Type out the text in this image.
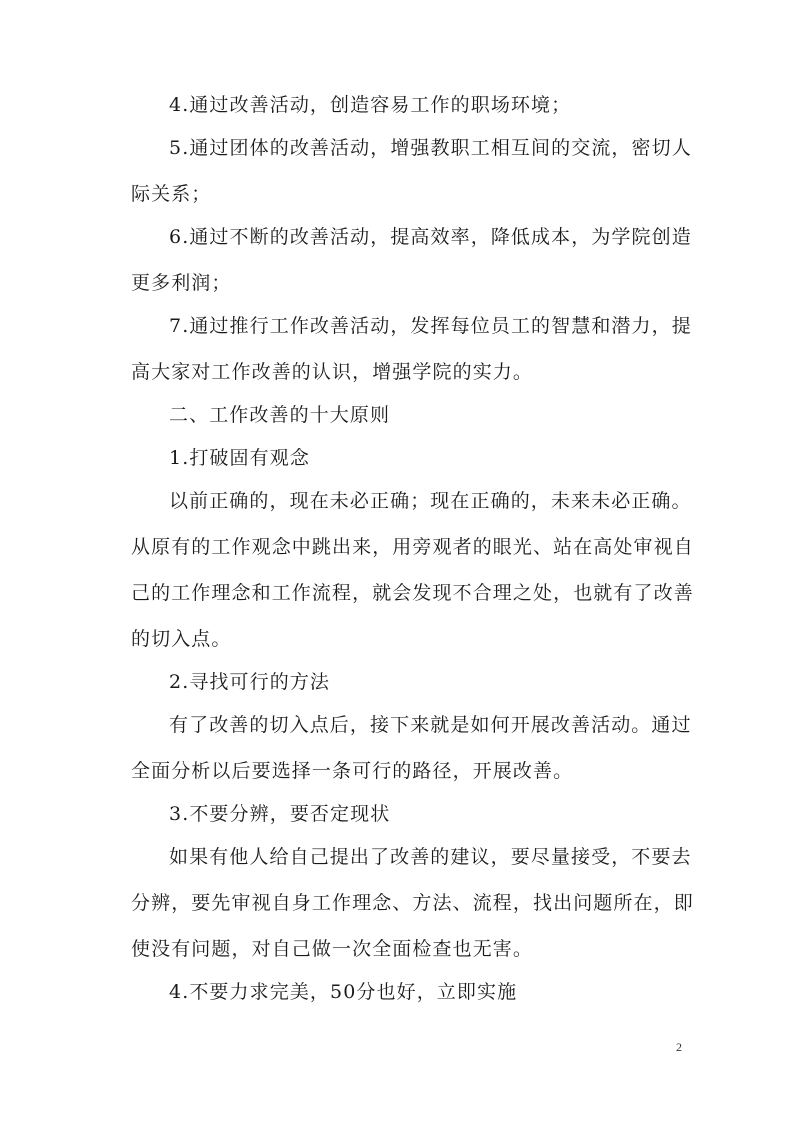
4.通过改善活动，创造容易工作的职场环境；
5.通过团体的改善活动，增强教职工相互间的交流，密切人
际关系；
6.通过不断的改善活动，提高效率，降低成本，为学院创造
更多利润；
7.通过推行工作改善活动，发挥每位员工的智慧和潜力，提
高大家对工作改善的认识，增强学院的实力。
二、工作改善的十大原则
1.打破固有观念
以前正确的，现在未必正确；现在正确的，未来未必正确。
从原有的工作观念中跳出来，用旁观者的眼光、站在高处审视自
己的工作理念和工作流程，就会发现不合理之处，也就有了改善
的切入点。
2.寻找可行的方法
有了改善的切入点后，接下来就是如何开展改善活动。通过
全面分析以后要选择一条可行的路径，开展改善。
3.不要分辨，要否定现状
如果有他人给自己提出了改善的建议，要尽量接受，不要去
分辨，要先审视自身工作理念、方法、流程，找出问题所在，即
使没有问题，对自己做一次全面检查也无害。
4.不要力求完美，50分也好，立即实施
2
